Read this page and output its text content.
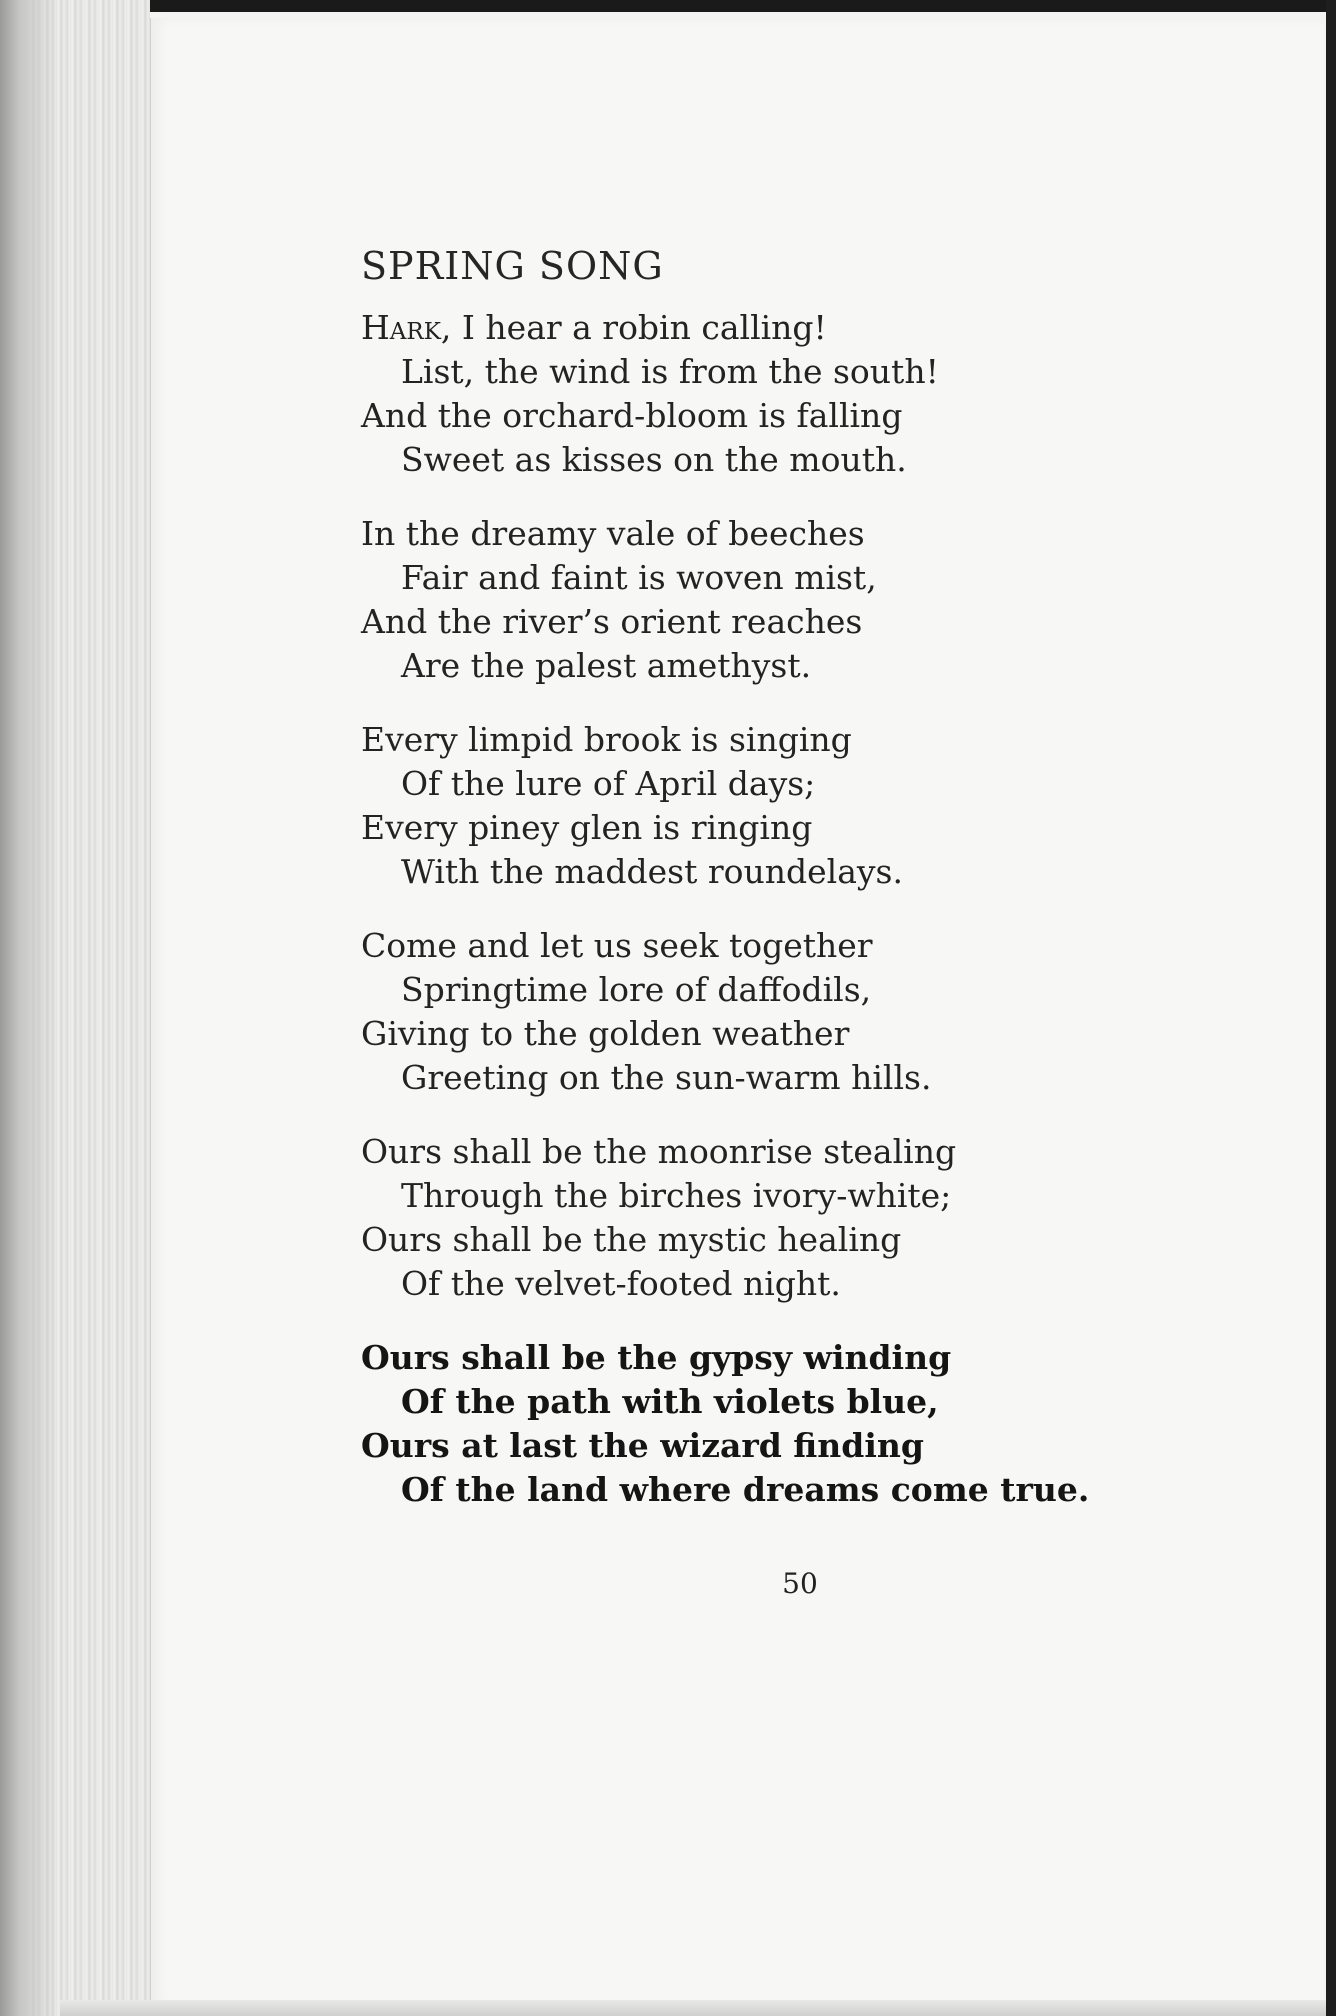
SPRING SONG
Hark, I hear a robin calling!
List, the wind is from the south!
And the orchard-bloom is falling
Sweet as kisses on the mouth.
In the dreamy vale of beeches
Fair and faint is woven mist,
And the river’s orient reaches
Are the palest amethyst.
Every limpid brook is singing
Of the lure of April days;
Every piney glen is ringing
With the maddest roundelays.
Come and let us seek together
Springtime lore of daffodils,
Giving to the golden weather
Greeting on the sun-warm hills.
Ours shall be the moonrise stealing
Through the birches ivory-white;
Ours shall be the mystic healing
Of the velvet-footed night.
Ours shall be the gypsy winding
Of the path with violets blue,
Ours at last the wizard finding
Of the land where dreams come true.
50
